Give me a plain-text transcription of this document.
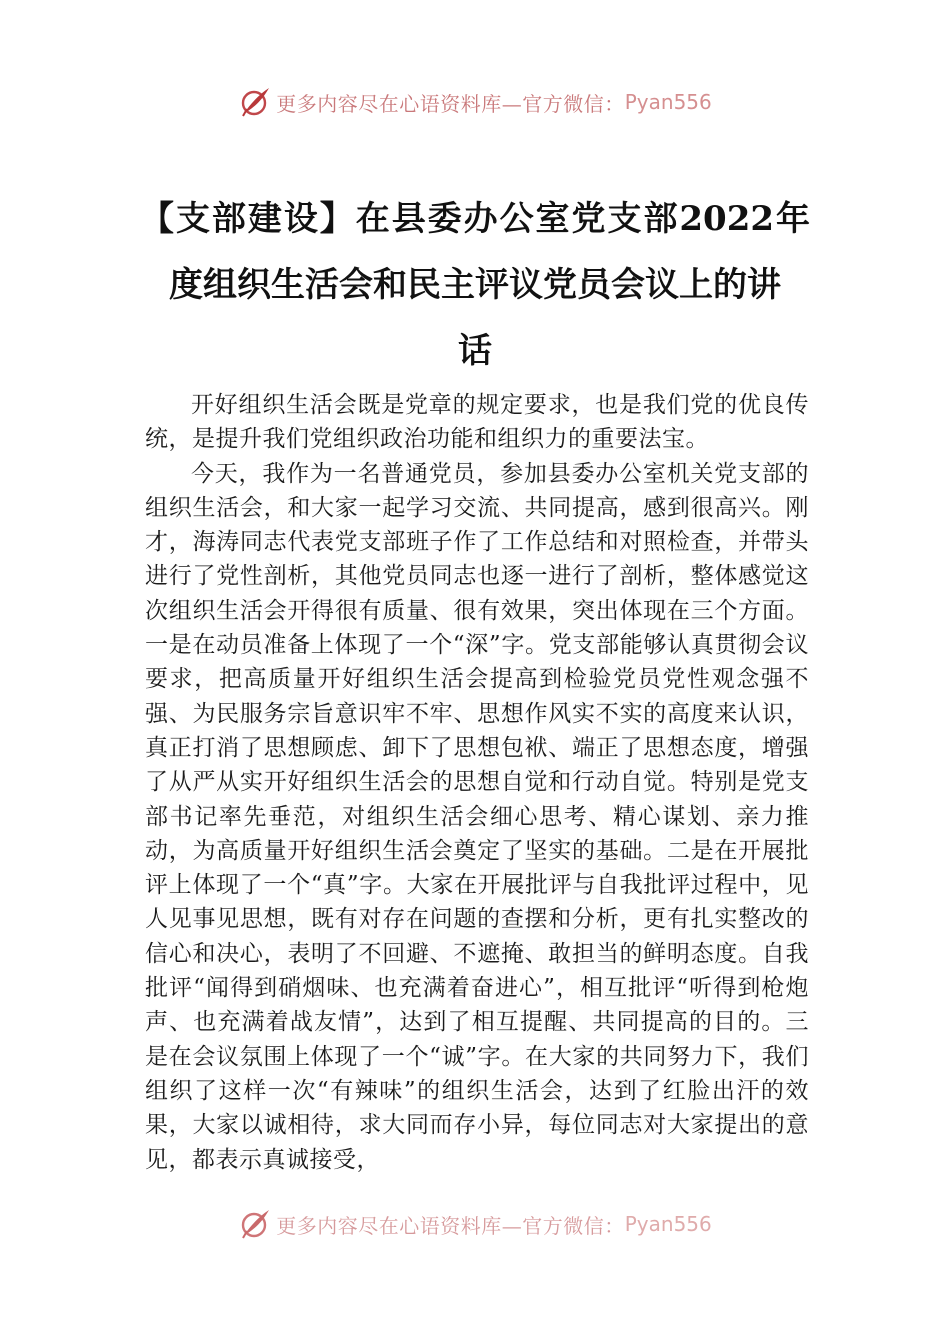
更多内容尽在心语资料库—官方微信： Pyan556
【支部建设】在县委办公室党支部2022年度组织生活会和民主评议党员会议上的讲
话

开好组织生活会既是党章的规定要求，也是我们党的优良传统，是提升我们党组织政治功能和组织力的重要法宝。

今天，我作为一名普通党员，参加县委办公室机关党支部的组织生活会，和大家一起学习交流、共同提高，感到很高兴。刚才，海涛同志代表党支部班子作了工作总结和对照检查，并带头进行了党性剖析，其他党员同志也逐一进行了剖析，整体感觉这次组织生活会开得很有质量、很有效果，突出体现在三个方面。一是在动员准备上体现了一个“深”字。党支部能够认真贯彻会议要求，把高质量开好组织生活会提高到检验党员党性观念强不强、为民服务宗旨意识牢不牢、思想作风实不实的高度来认识，真正打消了思想顾虑、卸下了思想包袱、端正了思想态度，增强了从严从实开好组织生活会的思想自觉和行动自觉。特别是党支部书记率先垂范，对组织生活会细心思考、精心谋划、亲力推动，为高质量开好组织生活会奠定了坚实的基础。二是在开展批评上体现了一个“真”字。大家在开展批评与自我批评过程中，见人见事见思想，既有对存在问题的查摆和分析，更有扎实整改的信心和决心，表明了不回避、不遮掩、敢担当的鲜明态度。自我批评“闻得到硝烟味、也充满着奋进心”，相互批评“听得到枪炮声、也充满着战友情”，达到了相互提醒、共同提高的目的。三是在会议氛围上体现了一个“诚”字。在大家的共同努力下，我们组织了这样一次“有辣味”的组织生活会，达到了红脸出汗的效果，大家以诚相待，求大同而存小异，每位同志对大家提出的意见，都表示真诚接受，

更多内容尽在心语资料库—官方微信： Pyan556
